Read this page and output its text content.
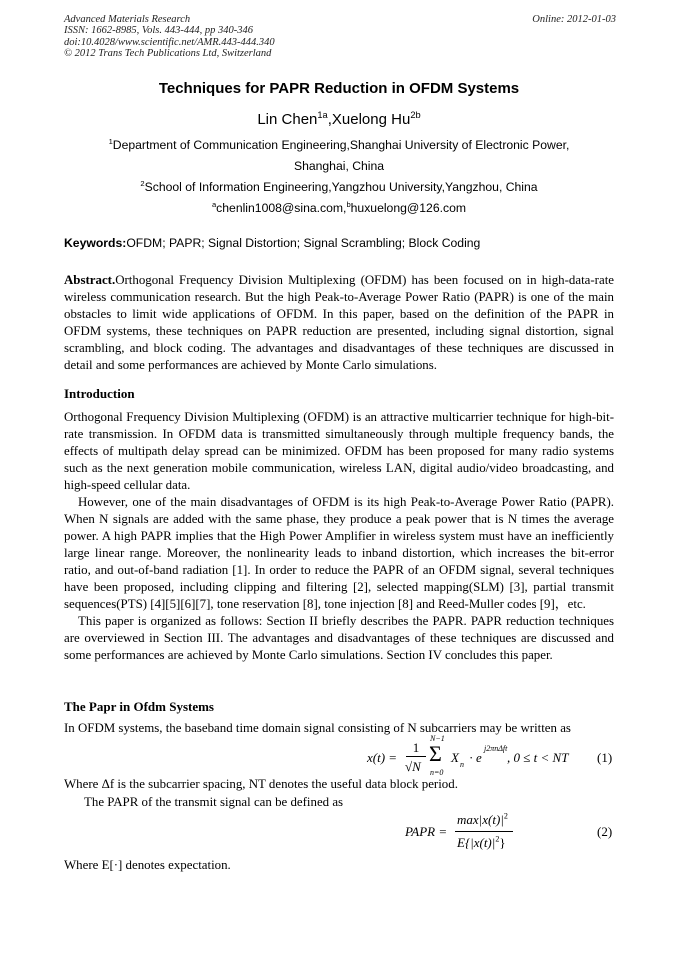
Advanced Materials Research
ISSN: 1662-8985, Vols. 443-444, pp 340-346
doi:10.4028/www.scientific.net/AMR.443-444.340
© 2012 Trans Tech Publications Ltd, Switzerland
Online: 2012-01-03
Techniques for PAPR Reduction in OFDM Systems
Lin Chen$^{1a}$,Xuelong $Hu^{2b}$
$^1$Department of Communication Engineering,Shanghai University of Electronic Power,
Shanghai, China
$^2$School of Information Engineering,Yangzhou University,Yangzhou, China
$^a$chenlin1008@sina.com,$^b$huxuelong@126.com
Keywords:OFDM; PAPR; Signal Distortion; Signal Scrambling; Block Coding
Abstract.Orthogonal Frequency Division Multiplexing (OFDM) has been focused on in high-data-rate wireless communication research. But the high Peak-to-Average Power Ratio (PAPR) is one of the main obstacles to limit wide applications of OFDM. In this paper, based on the definition of the PAPR in OFDM systems, these techniques on PAPR reduction are presented, including signal distortion, signal scrambling, and block coding. The advantages and disadvantages of these techniques are discussed in detail and some performances are achieved by Monte Carlo simulations.
Introduction
Orthogonal Frequency Division Multiplexing (OFDM) is an attractive multicarrier technique for high-bit-rate transmission. In OFDM data is transmitted simultaneously through multiple frequency bands, the effects of multipath delay spread can be minimized. OFDM has been proposed for many radio systems such as the next generation mobile communication, wireless LAN, digital audio/video broadcasting, and high-speed cellular data.
However, one of the main disadvantages of OFDM is its high Peak-to-Average Power Ratio (PAPR). When N signals are added with the same phase, they produce a peak power that is N times the average power. A high PAPR implies that the High Power Amplifier in wireless system must have an inefficiently large linear range. Moreover, the nonlinearity leads to inband distortion, which increases the bit-error ratio, and out-of-band radiation [1]. In order to reduce the PAPR of an OFDM signal, several techniques have been proposed, including clipping and filtering [2], selected mapping(SLM) [3], partial transmit sequences(PTS) [4][5][6][7], tone reservation [8], tone injection [8] and Reed-Muller codes [9]，etc.
This paper is organized as follows: Section II briefly describes the PAPR. PAPR reduction techniques are overviewed in Section III. The advantages and disadvantages of these techniques are discussed and some performances are achieved by Monte Carlo simulations. Section IV concludes this paper.
The Papr in Ofdm Systems
In OFDM systems, the baseband time domain signal consisting of N subcarriers may be written as
x(t) =
1
√N
N−1
Σ
n=0
X n · e
j2πnΔft
, 0 ≤ t < NT (1)
Where Δf is the subcarrier spacing, NT denotes the useful data block period.
The PAPR of the transmit signal can be defined as
PAPR =
$\max|x(t)|^2$
$E\{|x(t)|^2\}$
(2)
Where E[·] denotes expectation.
